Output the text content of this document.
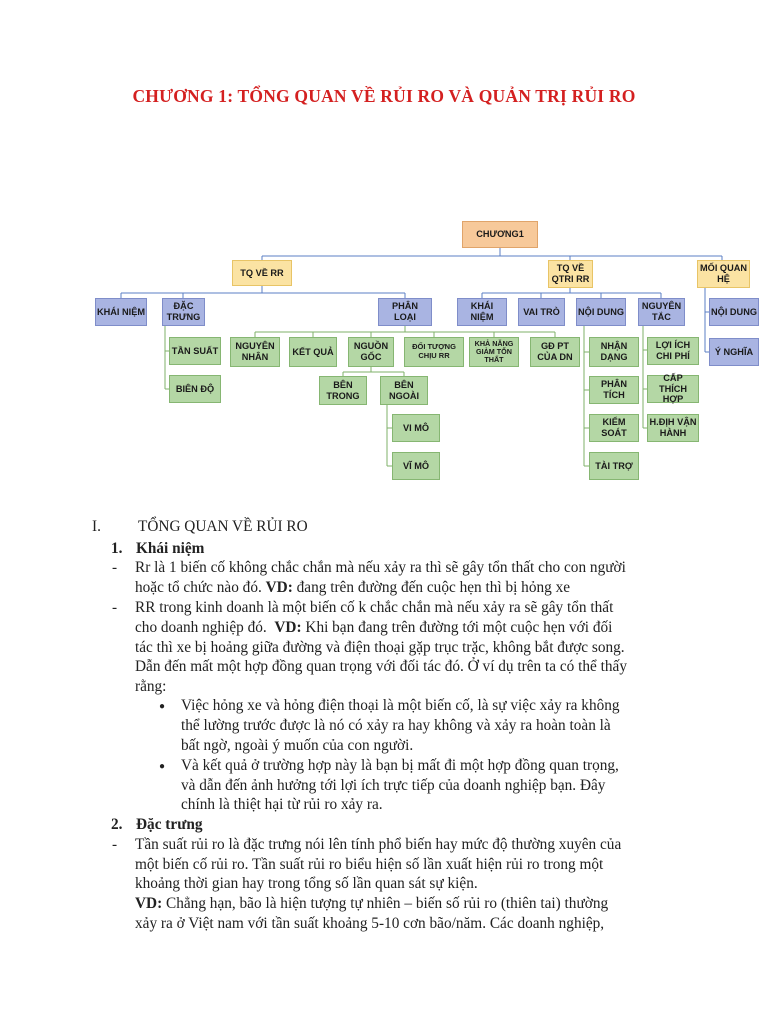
CHƯƠNG 1: TỔNG QUAN VỀ RỦI RO VÀ QUẢN TRỊ RỦI RO
CHƯƠNG1
TQ VỀ RR	TQ VỀ QTRI RR
MỐI QUAN HỆ
KHÁI NIỆM
ĐẶC TRƯNG
PHÂN LOẠI
KHÁI NIỆM
VAI TRÒ	NỘI DUNG
NGUYÊN TẮC
NỘI DUNG
Ý NGHĨA
TẦN SUẤT
BIÊN ĐỘ
NGUYÊN NHÂN
KẾT QUẢ
NGUỒN GỐC
ĐỐI TƯỢNG CHỊU RR
KHẢ NĂNG GIẢM TỔN THẤT
GĐ PT CỦA DN
BÊN TRONG
BÊN NGOÀI
VI MÔ
VĨ MÔ
NHẬN DẠNG
PHÂN TÍCH
KIỂM SOÁT
TÀI TRỢ
LỢI ÍCH CHI PHÍ
CẤP THÍCH HỢP
H.ĐỊH VẬN HÀNH
I. TỔNG QUAN VỀ RỦI RO
1. Khái niệm
- Rr là 1 biến cố không chắc chắn mà nếu xảy ra thì sẽ gây tổn thất cho con người
hoặc tổ chức nào đó. VD: đang trên đường đến cuộc hẹn thì bị hỏng xe
- RR trong kinh doanh là một biến cố k chắc chắn mà nếu xảy ra sẽ gây tổn thất
cho doanh nghiệp đó. VD: Khi bạn đang trên đường tới một cuộc hẹn với đối
tác thì xe bị hoảng giữa đường và điện thoại gặp trục trặc, không bắt được song.
Dẫn đến mất một hợp đồng quan trọng với đối tác đó. Ở ví dụ trên ta có thể thấy
rằng:
● Việc hỏng xe và hỏng điện thoại là một biến cố, là sự việc xảy ra không
thể lường trước được là nó có xảy ra hay không và xảy ra hoàn toàn là
bất ngờ, ngoài ý muốn của con người.
● Và kết quả ở trường hợp này là bạn bị mất đi một hợp đồng quan trọng,
và dẫn đến ảnh hưởng tới lợi ích trực tiếp của doanh nghiệp bạn. Đây
chính là thiệt hại từ rủi ro xảy ra.
2. Đặc trưng
- Tần suất rủi ro là đặc trưng nói lên tính phổ biến hay mức độ thường xuyên của
một biến cố rủi ro. Tần suất rủi ro biểu hiện số lần xuất hiện rủi ro trong một
khoảng thời gian hay trong tổng số lần quan sát sự kiện.
VD: Chẳng hạn, bão là hiện tượng tự nhiên – biến số rủi ro (thiên tai) thường
xảy ra ở Việt nam với tần suất khoảng 5-10 cơn bão/năm. Các doanh nghiệp,
